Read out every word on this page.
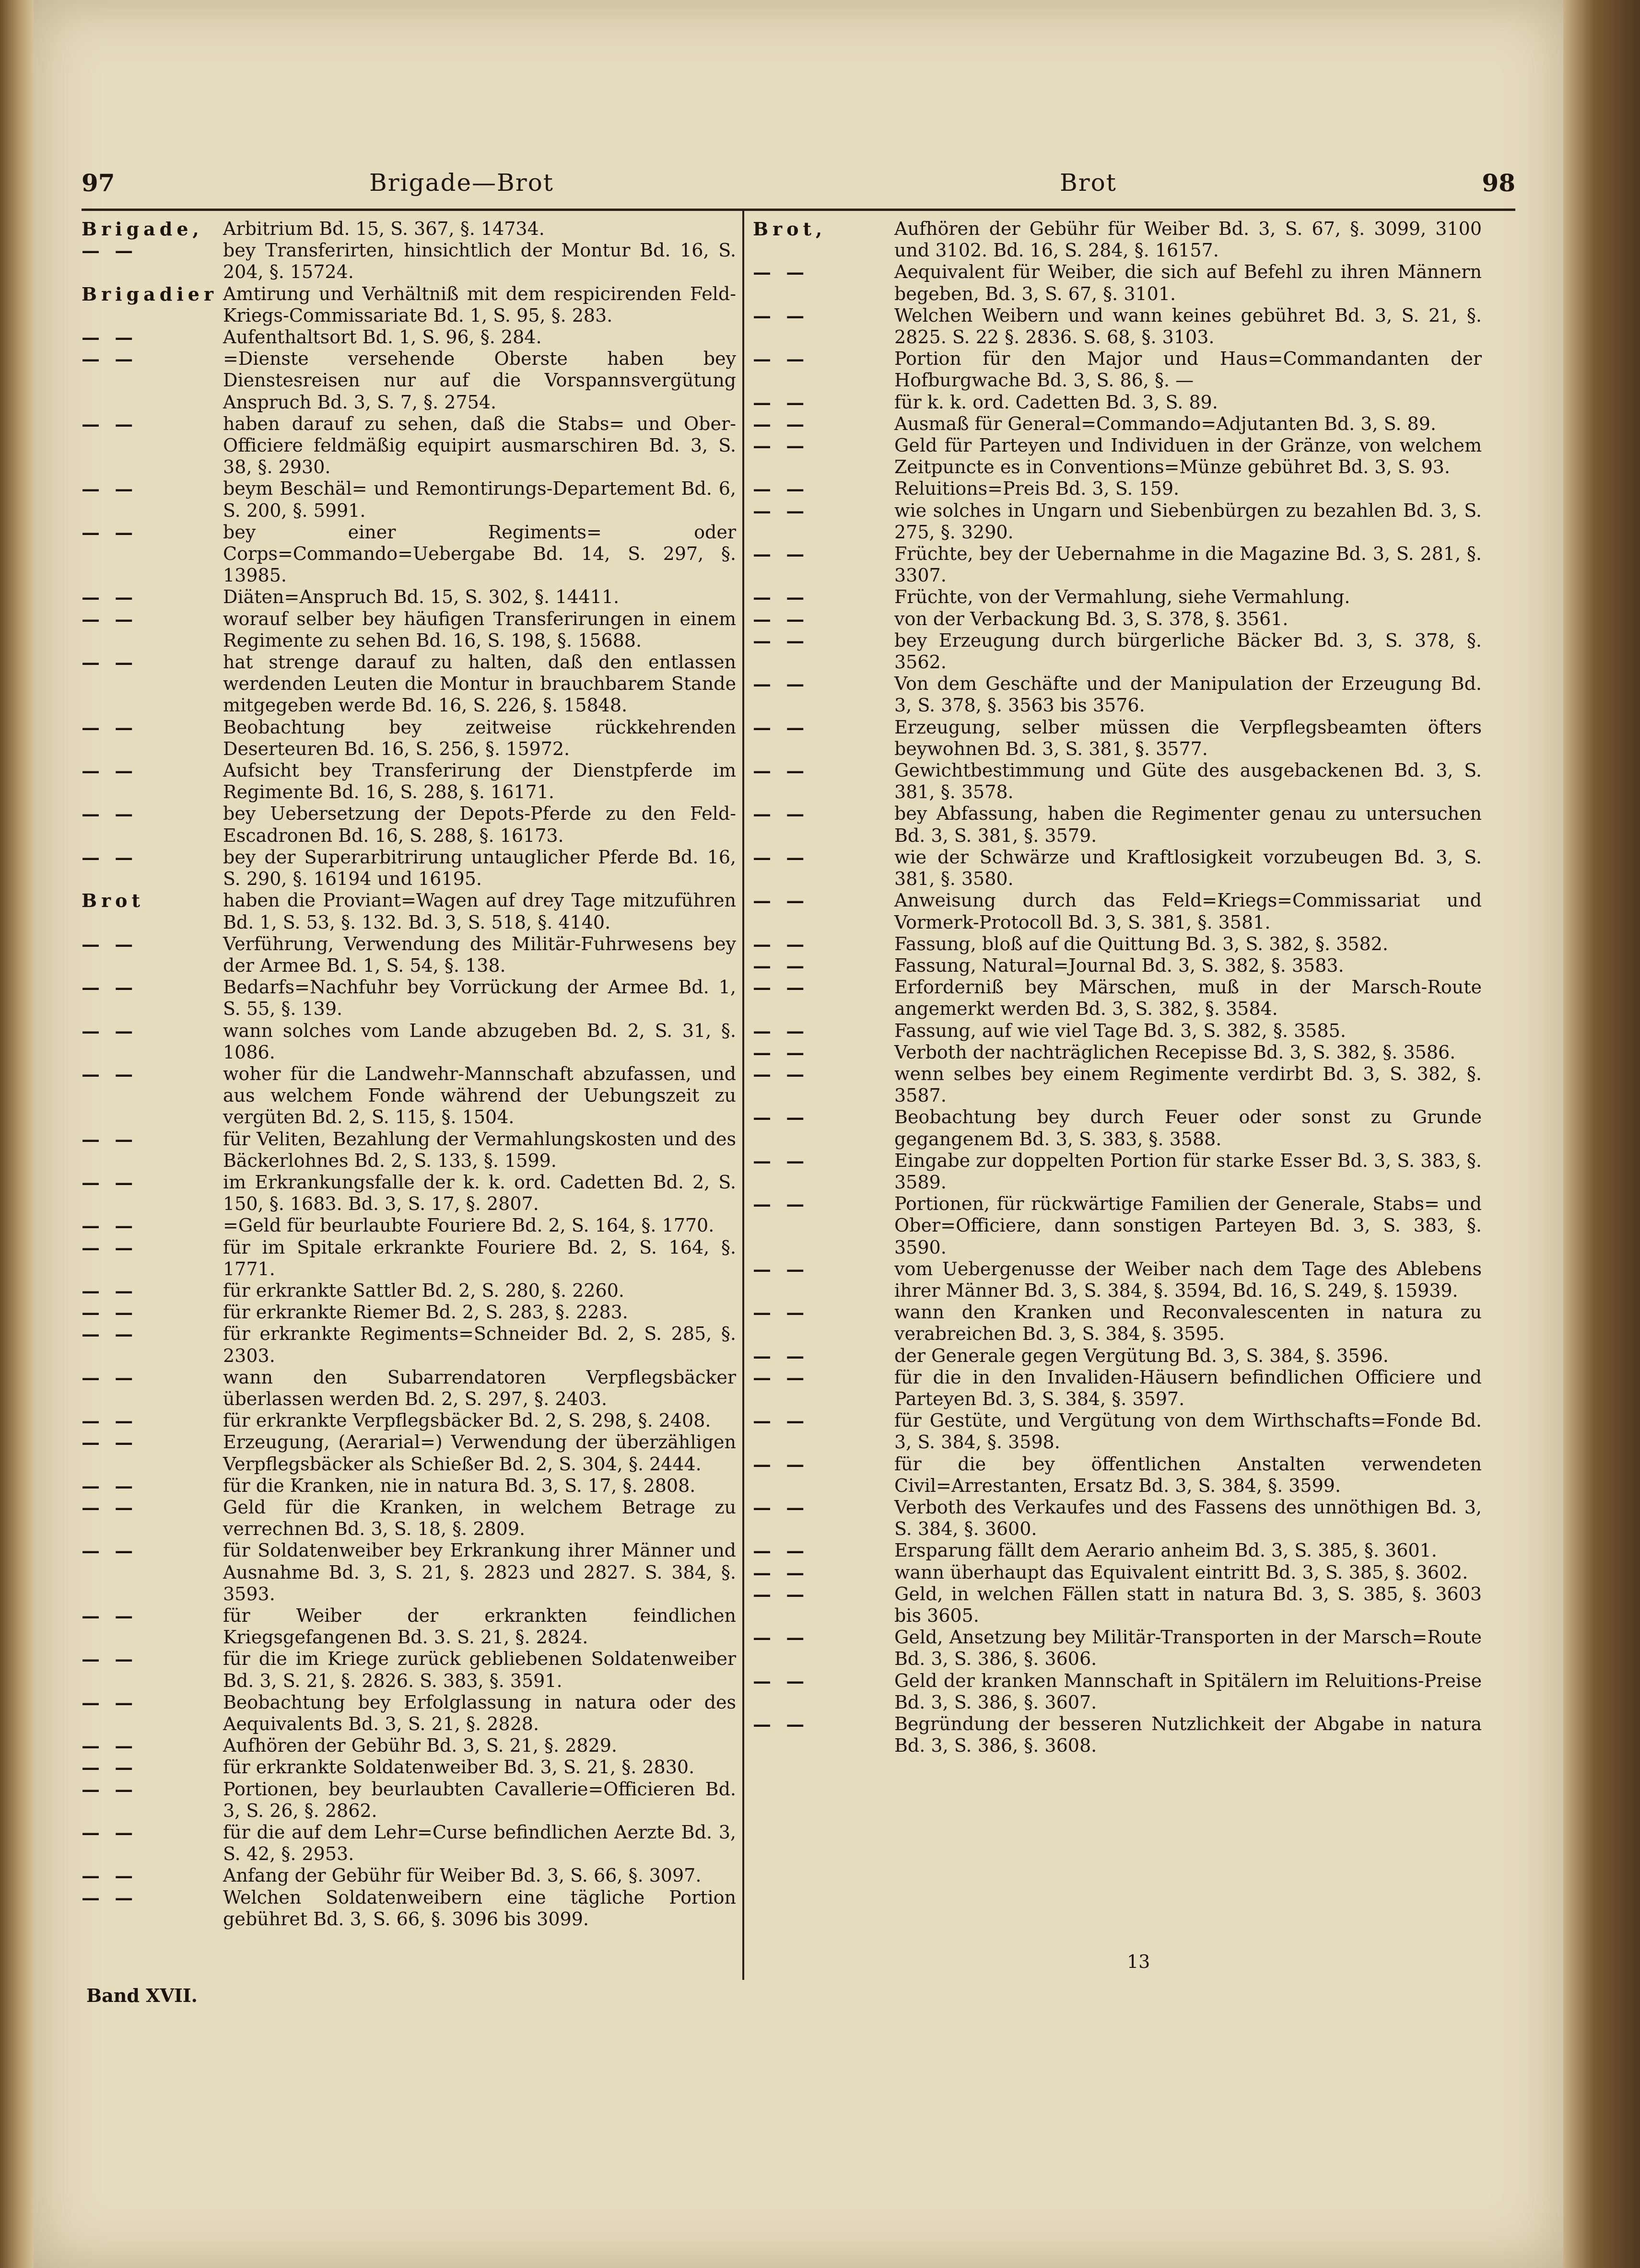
97	Brigade—Brot	Brot	98
Brigade,	Arbitrium Bd. 15, S. 367, §. 14734.
— —	bey Transferirten, hinsichtlich der Montur Bd. 16, S. 204, §. 15724.
Brigadier Amtirung und Verhältniß mit dem respicirenden Feld-Kriegs-Commissariate Bd. 1, S. 95, §. 283.
— —	Aufenthaltsort Bd. 1, S. 96, §. 284.
— —	=Dienste versehende Oberste haben bey Dienstesreisen nur auf die Vorspannsvergütung Anspruch Bd. 3, S. 7, §. 2754.
— —	haben darauf zu sehen, daß die Stabs= und Ober-Officiere feldmäßig equipirt ausmarschiren Bd. 3, S. 38, §. 2930.
— —	beym Beschäl= und Remontirungs-Departement Bd. 6, S. 200, §. 5991.
— —	bey einer Regiments= oder Corps=Commando=Uebergabe Bd. 14, S. 297, §. 13985.
— —	Diäten=Anspruch Bd. 15, S. 302, §. 14411.
— —	worauf selber bey häufigen Transferirungen in einem Regimente zu sehen Bd. 16, S. 198, §. 15688.
— —	hat strenge darauf zu halten, daß den entlassen werdenden Leuten die Montur in brauchbarem Stande mitgegeben werde Bd. 16, S. 226, §. 15848.
— —	Beobachtung bey zeitweise rückkehrenden Deserteuren Bd. 16, S. 256, §. 15972.
— —	Aufsicht bey Transferirung der Dienstpferde im Regimente Bd. 16, S. 288, §. 16171.
— —	bey Uebersetzung der Depots-Pferde zu den Feld-Escadronen Bd. 16, S. 288, §. 16173.
— —	bey der Superarbitrirung untauglicher Pferde Bd. 16, S. 290, §. 16194 und 16195.
Brot	haben die Proviant=Wagen auf drey Tage mitzuführen Bd. 1, S. 53, §. 132. Bd. 3, S. 518, §. 4140.
— —	Verführung, Verwendung des Militär-Fuhrwesens bey der Armee Bd. 1, S. 54, §. 138.
— —	Bedarfs=Nachfuhr bey Vorrückung der Armee Bd. 1, S. 55, §. 139.
— —	wann solches vom Lande abzugeben Bd. 2, S. 31, §. 1086.
— —	woher für die Landwehr-Mannschaft abzufassen, und aus welchem Fonde während der Uebungszeit zu vergüten Bd. 2, S. 115, §. 1504.
— —	für Veliten, Bezahlung der Vermahlungskosten und des Bäckerlohnes Bd. 2, S. 133, §. 1599.
— —	im Erkrankungsfalle der k. k. ord. Cadetten Bd. 2, S. 150, §. 1683. Bd. 3, S. 17, §. 2807.
— —	=Geld für beurlaubte Fouriere Bd. 2, S. 164, §. 1770.
— —	für im Spitale erkrankte Fouriere Bd. 2, S. 164, §. 1771.
— —	für erkrankte Sattler Bd. 2, S. 280, §. 2260.
— —	für erkrankte Riemer Bd. 2, S. 283, §. 2283.
— —	für erkrankte Regiments=Schneider Bd. 2, S. 285, §. 2303.
— —	wann den Subarrendatoren Verpflegsbäcker überlassen werden Bd. 2, S. 297, §. 2403.
— —	für erkrankte Verpflegsbäcker Bd. 2, S. 298, §. 2408.
— —	Erzeugung, (Aerarial=) Verwendung der überzähligen Verpflegsbäcker als Schießer Bd. 2, S. 304, §. 2444.
— —	für die Kranken, nie in natura Bd. 3, S. 17, §. 2808.
— —	Geld für die Kranken, in welchem Betrage zu verrechnen Bd. 3, S. 18, §. 2809.
— —	für Soldatenweiber bey Erkrankung ihrer Männer und Ausnahme Bd. 3, S. 21, §. 2823 und 2827. S. 384, §. 3593.
— —	für Weiber der erkrankten feindlichen Kriegsgefangenen Bd. 3. S. 21, §. 2824.
— —	für die im Kriege zurück gebliebenen Soldatenweiber Bd. 3, S. 21, §. 2826. S. 383, §. 3591.
— —	Beobachtung bey Erfolglassung in natura oder des Aequivalents Bd. 3, S. 21, §. 2828.
— —	Aufhören der Gebühr Bd. 3, S. 21, §. 2829.
— —	für erkrankte Soldatenweiber Bd. 3, S. 21, §. 2830.
— —	Portionen, bey beurlaubten Cavallerie=Officieren Bd. 3, S. 26, §. 2862.
— —	für die auf dem Lehr=Curse befindlichen Aerzte Bd. 3, S. 42, §. 2953.
— —	Anfang der Gebühr für Weiber Bd. 3, S. 66, §. 3097.
— —	Welchen Soldatenweibern eine tägliche Portion gebühret Bd. 3, S. 66, §. 3096 bis 3099.
Brot,	Aufhören der Gebühr für Weiber Bd. 3, S. 67, §. 3099, 3100 und 3102. Bd. 16, S. 284, §. 16157.
— —	Aequivalent für Weiber, die sich auf Befehl zu ihren Männern begeben, Bd. 3, S. 67, §. 3101.
— —	Welchen Weibern und wann keines gebühret Bd. 3, S. 21, §. 2825. S. 22 §. 2836. S. 68, §. 3103.
— —	Portion für den Major und Haus=Commandanten der Hofburgwache Bd. 3, S. 86, §. —
— —	für k. k. ord. Cadetten Bd. 3, S. 89.
— —	Ausmaß für General=Commando=Adjutanten Bd. 3, S. 89.
— —	Geld für Parteyen und Individuen in der Gränze, von welchem Zeitpuncte es in Conventions=Münze gebühret Bd. 3, S. 93.
— —	Reluitions=Preis Bd. 3, S. 159.
— —	wie solches in Ungarn und Siebenbürgen zu bezahlen Bd. 3, S. 275, §. 3290.
— —	Früchte, bey der Uebernahme in die Magazine Bd. 3, S. 281, §. 3307.
— —	Früchte, von der Vermahlung, siehe Vermahlung.
— —	von der Verbackung Bd. 3, S. 378, §. 3561.
— —	bey Erzeugung durch bürgerliche Bäcker Bd. 3, S. 378, §. 3562.
— —	Von dem Geschäfte und der Manipulation der Erzeugung Bd. 3, S. 378, §. 3563 bis 3576.
— —	Erzeugung, selber müssen die Verpflegsbeamten öfters beywohnen Bd. 3, S. 381, §. 3577.
— —	Gewichtbestimmung und Güte des ausgebackenen Bd. 3, S. 381, §. 3578.
— —	bey Abfassung, haben die Regimenter genau zu untersuchen Bd. 3, S. 381, §. 3579.
— —	wie der Schwärze und Kraftlosigkeit vorzubeugen Bd. 3, S. 381, §. 3580.
— —	Anweisung durch das Feld=Kriegs=Commissariat und Vormerk-Protocoll Bd. 3, S. 381, §. 3581.
— —	Fassung, bloß auf die Quittung Bd. 3, S. 382, §. 3582.
— —	Fassung, Natural=Journal Bd. 3, S. 382, §. 3583.
— —	Erforderniß bey Märschen, muß in der Marsch-Route angemerkt werden Bd. 3, S. 382, §. 3584.
— —	Fassung, auf wie viel Tage Bd. 3, S. 382, §. 3585.
— —	Verboth der nachträglichen Recepisse Bd. 3, S. 382, §. 3586.
— —	wenn selbes bey einem Regimente verdirbt Bd. 3, S. 382, §. 3587.
— —	Beobachtung bey durch Feuer oder sonst zu Grunde gegangenem Bd. 3, S. 383, §. 3588.
— —	Eingabe zur doppelten Portion für starke Esser Bd. 3, S. 383, §. 3589.
— —	Portionen, für rückwärtige Familien der Generale, Stabs= und Ober=Officiere, dann sonstigen Parteyen Bd. 3, S. 383, §. 3590.
— —	vom Uebergenusse der Weiber nach dem Tage des Ablebens ihrer Männer Bd. 3, S. 384, §. 3594, Bd. 16, S. 249, §. 15939.
— —	wann den Kranken und Reconvalescenten in natura zu verabreichen Bd. 3, S. 384, §. 3595.
— —	der Generale gegen Vergütung Bd. 3, S. 384, §. 3596.
— —	für die in den Invaliden-Häusern befindlichen Officiere und Parteyen Bd. 3, S. 384, §. 3597.
— —	für Gestüte, und Vergütung von dem Wirthschafts=Fonde Bd. 3, S. 384, §. 3598.
— —	für die bey öffentlichen Anstalten verwendeten Civil=Arrestanten, Ersatz Bd. 3, S. 384, §. 3599.
— —	Verboth des Verkaufes und des Fassens des unnöthigen Bd. 3, S. 384, §. 3600.
— —	Ersparung fällt dem Aerario anheim Bd. 3, S. 385, §. 3601.
— —	wann überhaupt das Equivalent eintritt Bd. 3, S. 385, §. 3602.
— —	Geld, in welchen Fällen statt in natura Bd. 3, S. 385, §. 3603 bis 3605.
— —	Geld, Ansetzung bey Militär-Transporten in der Marsch=Route Bd. 3, S. 386, §. 3606.
— —	Geld der kranken Mannschaft in Spitälern im Reluitions-Preise Bd. 3, S. 386, §. 3607.
— —	Begründung der besseren Nutzlichkeit der Abgabe in natura Bd. 3, S. 386, §. 3608.
13
Band XVII.
